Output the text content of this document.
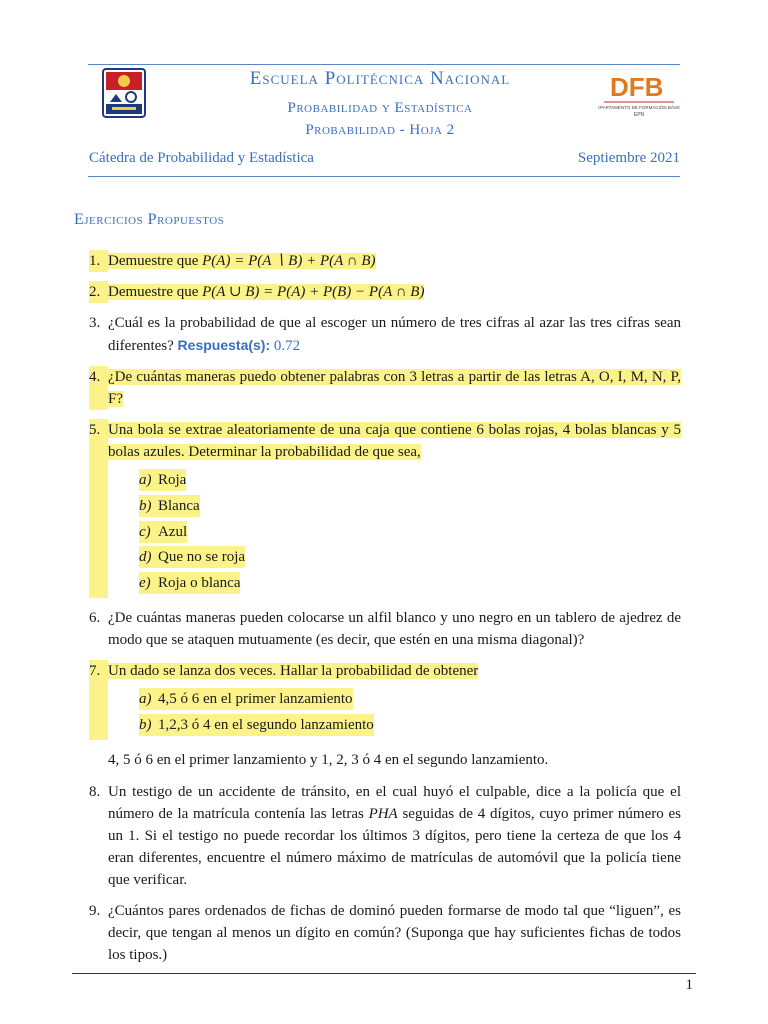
Escuela Politécnica Nacional
Probabilidad y Estadística
Probabilidad - Hoja 2
DFB
DEPARTAMENTO DE FORMACIÓN BÁSICA
EPN
Cátedra de Probabilidad y Estadística	Septiembre 2021
Ejercicios Propuestos
1. Demuestre que P(A) = P(A ∖ B) + P(A ∩ B)
2. Demuestre que P(A ∪ B) = P(A) + P(B) − P(A ∩ B)
3. ¿Cuál es la probabilidad de que al escoger un número de tres cifras al azar las tres cifras sean diferentes? Respuesta(s): 0.72
4. ¿De cuántas maneras puedo obtener palabras con 3 letras a partir de las letras A, O, I, M, N, P, F?
5. Una bola se extrae aleatoriamente de una caja que contiene 6 bolas rojas, 4 bolas blancas y 5 bolas azules. Determinar la probabilidad de que sea,
a) Roja
b) Blanca
c) Azul
d) Que no se roja
e) Roja o blanca
6. ¿De cuántas maneras pueden colocarse un alfil blanco y uno negro en un tablero de ajedrez de modo que se ataquen mutuamente (es decir, que estén en una misma diagonal)?
7. Un dado se lanza dos veces. Hallar la probabilidad de obtener
a) 4,5 ó 6 en el primer lanzamiento
b) 1,2,3 ó 4 en el segundo lanzamiento
4, 5 ó 6 en el primer lanzamiento y 1, 2, 3 ó 4 en el segundo lanzamiento.
8. Un testigo de un accidente de tránsito, en el cual huyó el culpable, dice a la policía que el número de la matrícula contenía las letras PHA seguidas de 4 dígitos, cuyo primer número es un 1. Si el testigo no puede recordar los últimos 3 dígitos, pero tiene la certeza de que los 4 eran diferentes, encuentre el número máximo de matrículas de automóvil que la policía tiene que verificar.
9. ¿Cuántos pares ordenados de fichas de dominó pueden formarse de modo tal que “liguen”, es decir, que tengan al menos un dígito en común? (Suponga que hay suficientes fichas de todos los tipos.)
1
